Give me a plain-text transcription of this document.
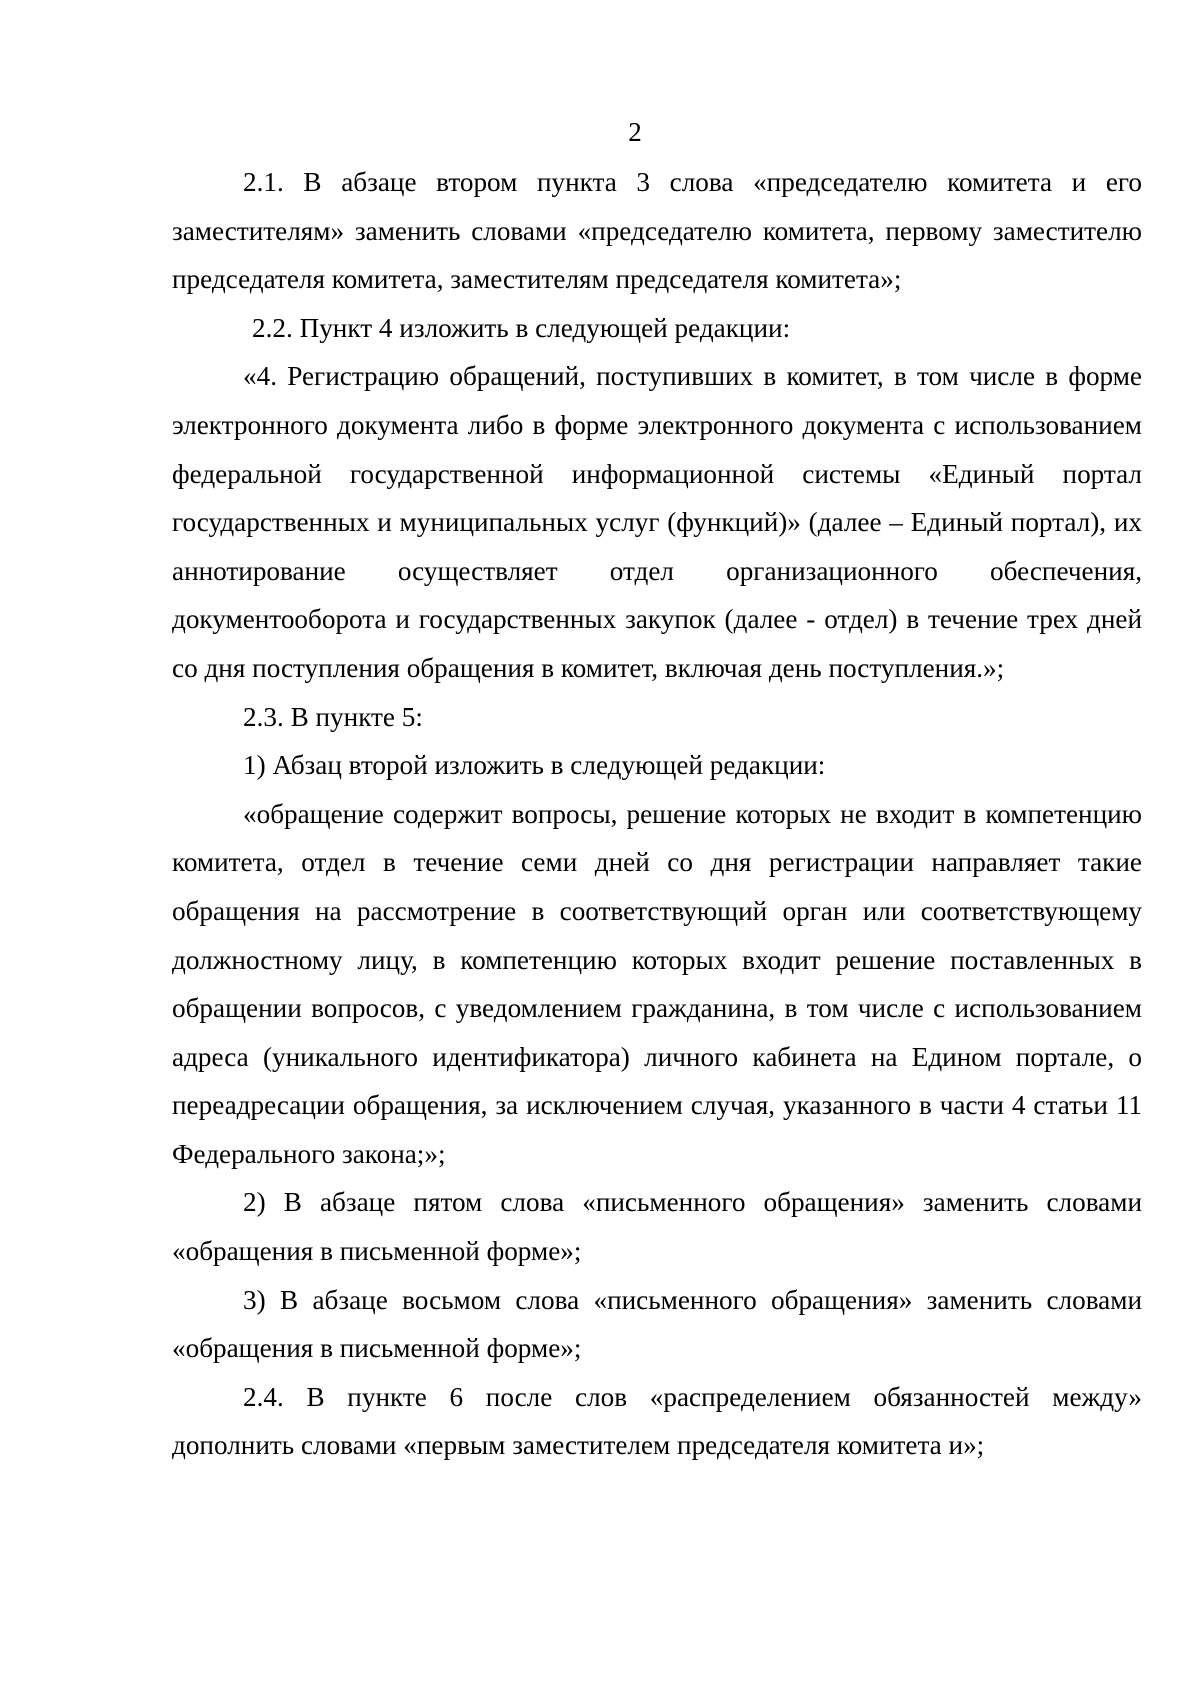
2

2.1. В абзаце втором пункта 3 слова «председателю комитета и его заместителям» заменить словами «председателю комитета, первому заместителю председателя комитета, заместителям председателя комитета»;

2.2. Пункт 4 изложить в следующей редакции:

«4. Регистрацию обращений, поступивших в комитет, в том числе в форме электронного документа либо в форме электронного документа с использованием федеральной государственной информационной системы «Единый портал государственных и муниципальных услуг (функций)» (далее – Единый портал), их аннотирование осуществляет отдел организационного обеспечения, документооборота и государственных закупок (далее - отдел) в течение трех дней со дня поступления обращения в комитет, включая день поступления.»;

2.3. В пункте 5:

1) Абзац второй изложить в следующей редакции:

«обращение содержит вопросы, решение которых не входит в компетенцию комитета, отдел в течение семи дней со дня регистрации направляет такие обращения на рассмотрение в соответствующий орган или соответствующему должностному лицу, в компетенцию которых входит решение поставленных в обращении вопросов, с уведомлением гражданина, в том числе с использованием адреса (уникального идентификатора) личного кабинета на Едином портале, о переадресации обращения, за исключением случая, указанного в части 4 статьи 11 Федерального закона;»;

2) В абзаце пятом слова «письменного обращения» заменить словами «обращения в письменной форме»;

3) В абзаце восьмом слова «письменного обращения» заменить словами «обращения в письменной форме»;

2.4. В пункте 6 после слов «распределением обязанностей между» дополнить словами «первым заместителем председателя комитета и»;
